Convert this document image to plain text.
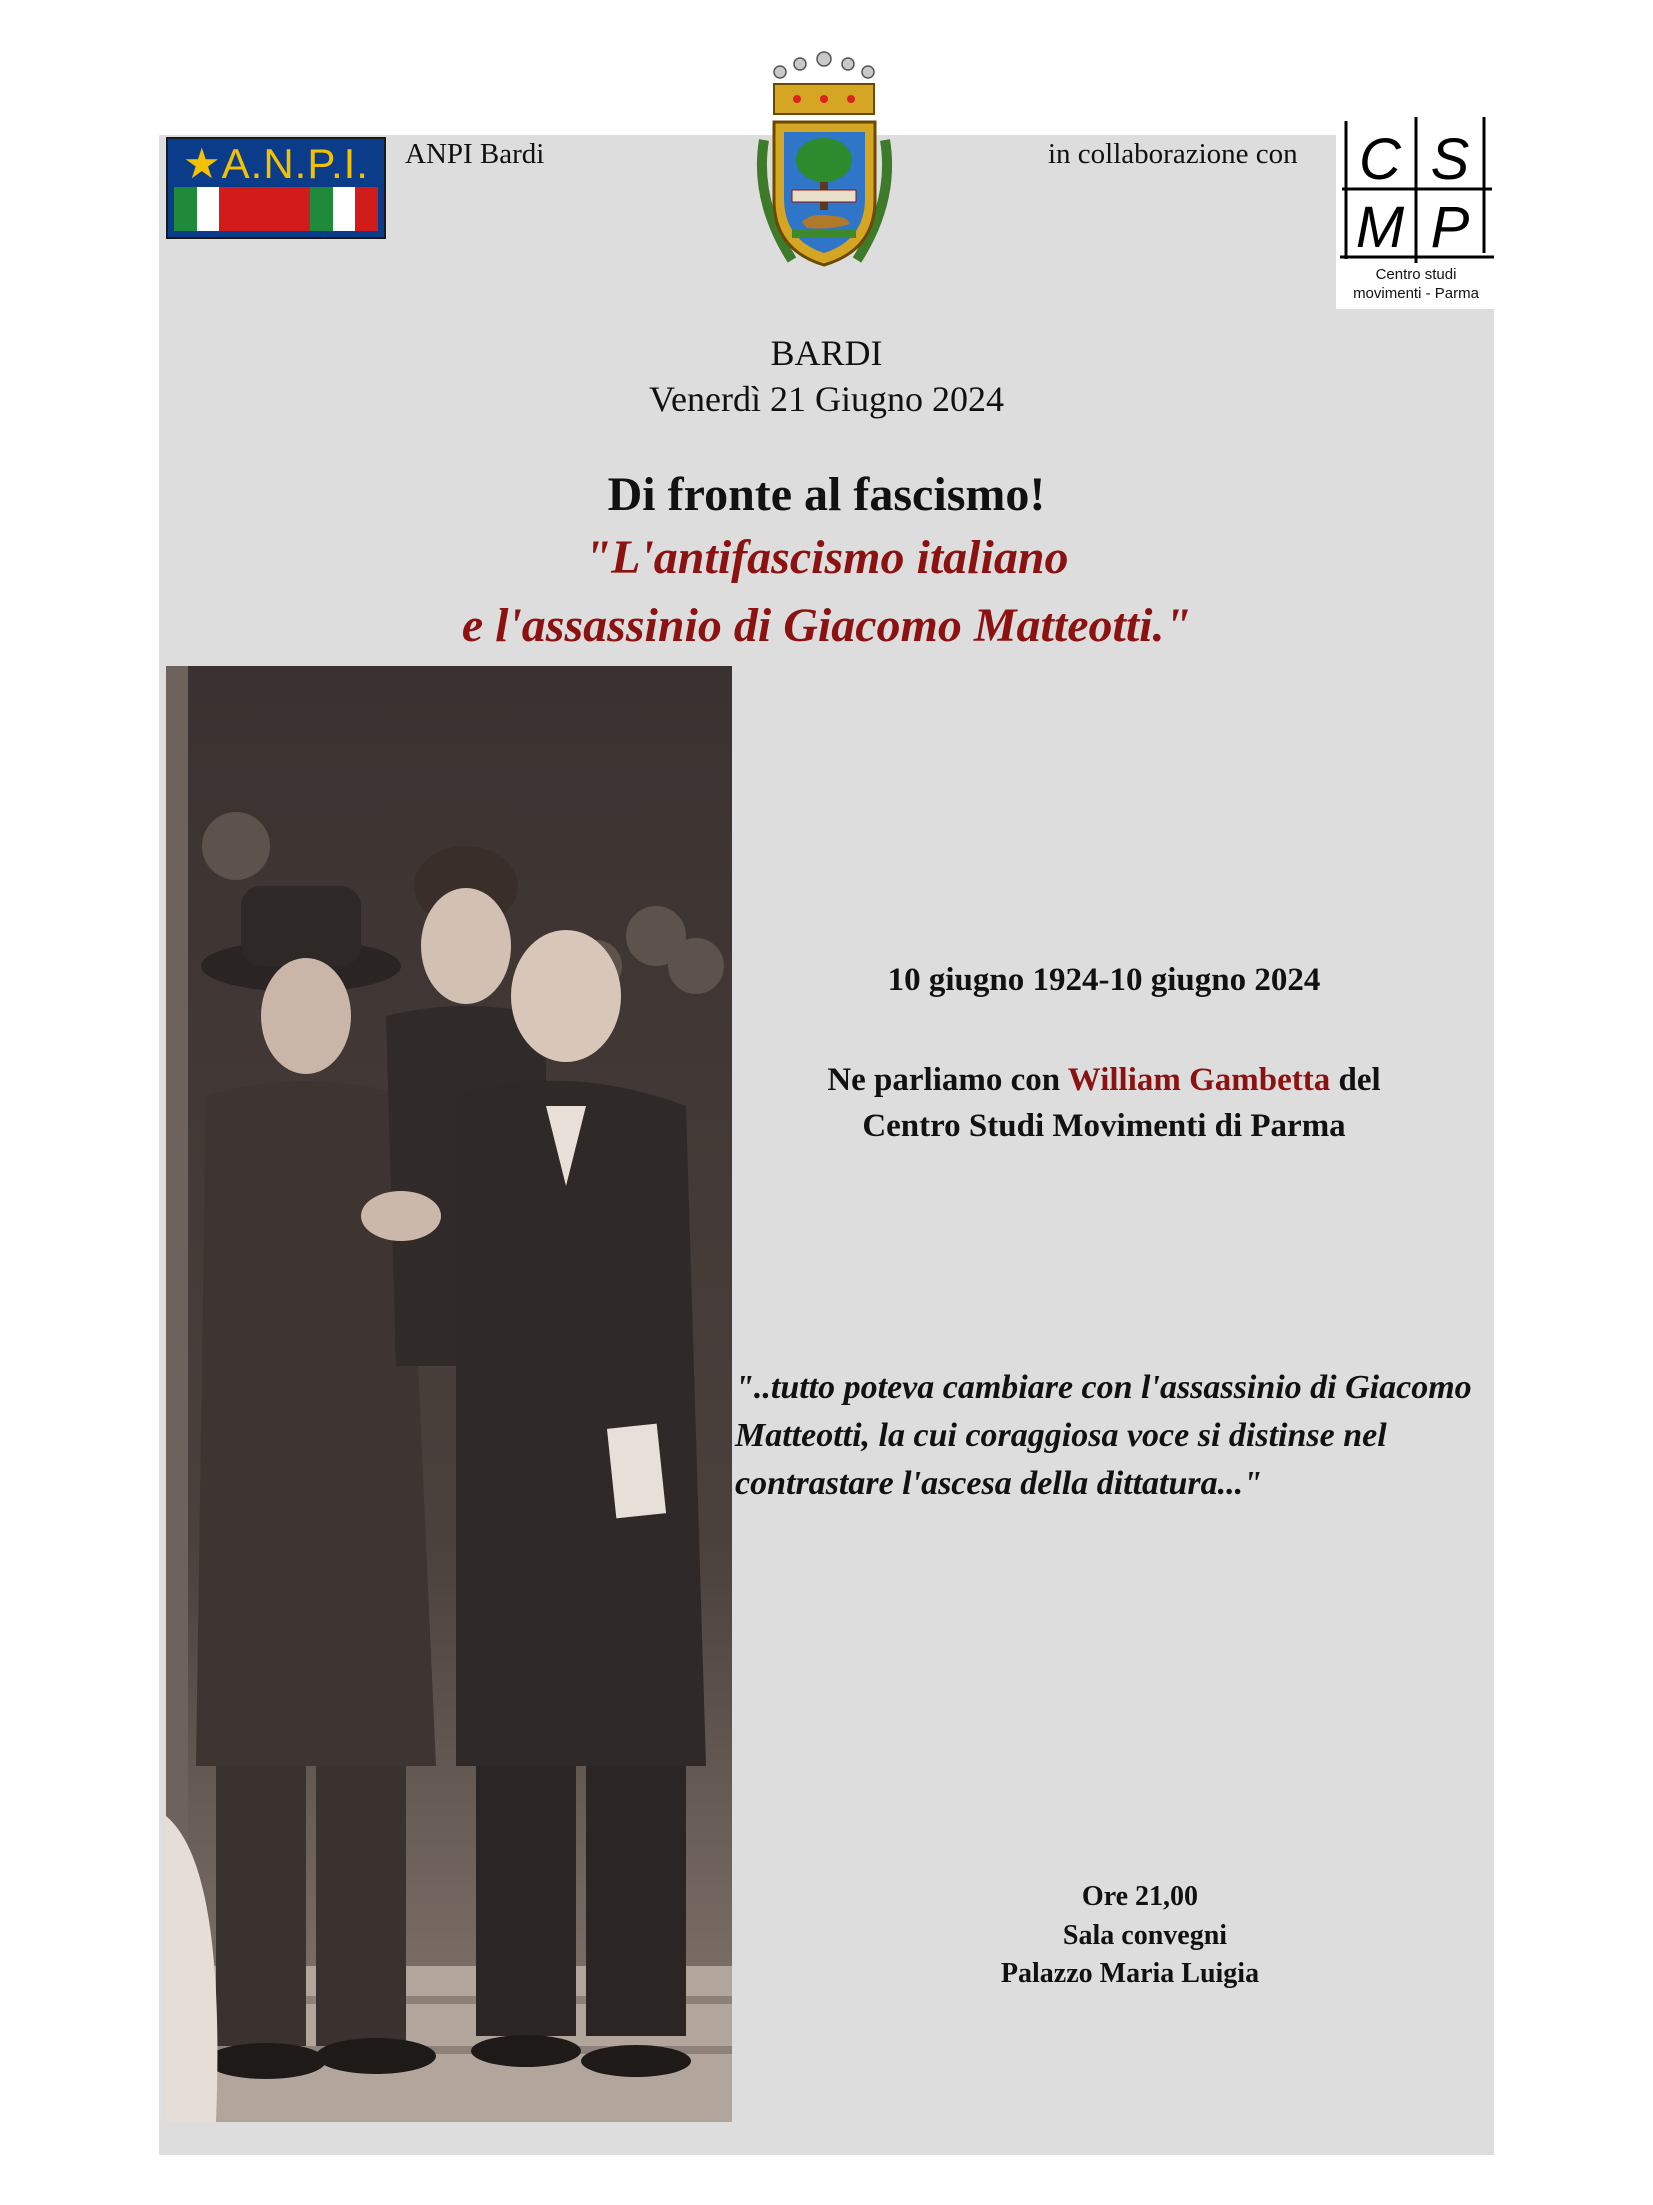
★A.N.P.I.	ANPI Bardi	in collaborazione con C S
M P
Centro studi
movimenti - Parma
BARDI
Venerdì 21 Giugno 2024
Di fronte al fascismo!
"L'antifascismo italiano
e l'assassinio di Giacomo Matteotti."
10 giugno 1924-10 giugno 2024
Ne parliamo con William Gambetta del
Centro Studi Movimenti di Parma
"..tutto poteva cambiare con l'assassinio di Giacomo Matteotti, la cui coraggiosa voce si distinse nel contrastare l'ascesa della dittatura..."
Ore 21,00
Sala convegni
Palazzo Maria Luigia
